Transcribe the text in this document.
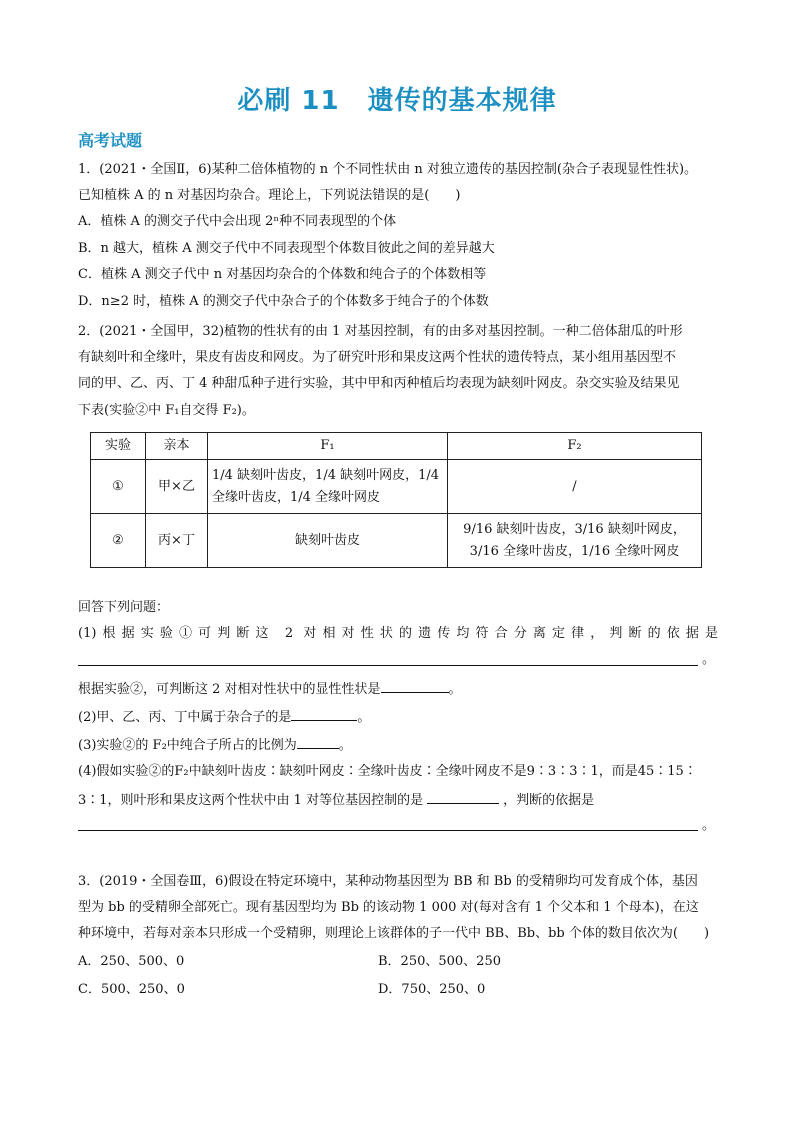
必刷 11 遗传的基本规律
高考试题
1．(2021・全国Ⅱ，6)某种二倍体植物的 n 个不同性状由 n 对独立遗传的基因控制(杂合子表现显性性状)。
已知植株 A 的 n 对基因均杂合。理论上，下列说法错误的是(　　)
A．植株 A 的测交子代中会出现 2ⁿ种不同表现型的个体
B．n 越大，植株 A 测交子代中不同表现型个体数目彼此之间的差异越大
C．植株 A 测交子代中 n 对基因均杂合的个体数和纯合子的个体数相等
D．n≥2 时，植株 A 的测交子代中杂合子的个体数多于纯合子的个体数
2．(2021・全国甲，32)植物的性状有的由 1 对基因控制，有的由多对基因控制。一种二倍体甜瓜的叶形
有缺刻叶和全缘叶，果皮有齿皮和网皮。为了研究叶形和果皮这两个性状的遗传特点，某小组用基因型不
同的甲、乙、丙、丁 4 种甜瓜种子进行实验，其中甲和丙种植后均表现为缺刻叶网皮。杂交实验及结果见
下表(实验②中 F₁自交得 F₂)。
实验	亲本	F₁	F₂
①	甲×乙	1/4 缺刻叶齿皮，1/4 缺刻叶网皮，1/4
全缘叶齿皮，1/4 全缘叶网皮	/

②	丙×丁	缺刻叶齿皮	9/16 缺刻叶齿皮，3/16 缺刻叶网皮，
3/16 全缘叶齿皮，1/16 全缘叶网皮
回答下列问题：
(1)根据实验①可判断这 2 对相对性状的遗传均符合分离定律，判断的依据是
。
根据实验②，可判断这 2 对相对性状中的显性性状是	。
(2)甲、乙、丙、丁中属于杂合子的是	。
(3)实验②的 F₂中纯合子所占的比例为	。
(4)假如实验②的F₂中缺刻叶齿皮∶缺刻叶网皮∶全缘叶齿皮∶全缘叶网皮不是9∶3∶3∶1，而是45∶15∶
3∶1，则叶形和果皮这两个性状中由 1 对等位基因控制的是	，判断的依据是
。
3．(2019・全国卷Ⅲ，6)假设在特定环境中，某种动物基因型为 BB 和 Bb 的受精卵均可发育成个体，基因
型为 bb 的受精卵全部死亡。现有基因型均为 Bb 的该动物 1 000 对(每对含有 1 个父本和 1 个母本)，在这
种环境中，若每对亲本只形成一个受精卵，则理论上该群体的子一代中 BB、Bb、bb 个体的数目依次为(　　)
A．250、500、0	B．250、500、250
C．500、250、0	D．750、250、0
